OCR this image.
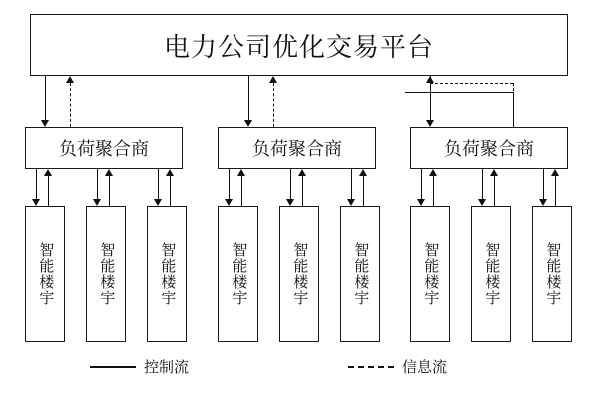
电力公司优化交易平台
负荷聚合商	负荷聚合商	负荷聚合商
智能楼宇	智能楼宇	智能楼宇	智能楼宇	智能楼宇	智能楼宇	智能楼宇	智能楼宇	智能楼宇
控制流	信息流
